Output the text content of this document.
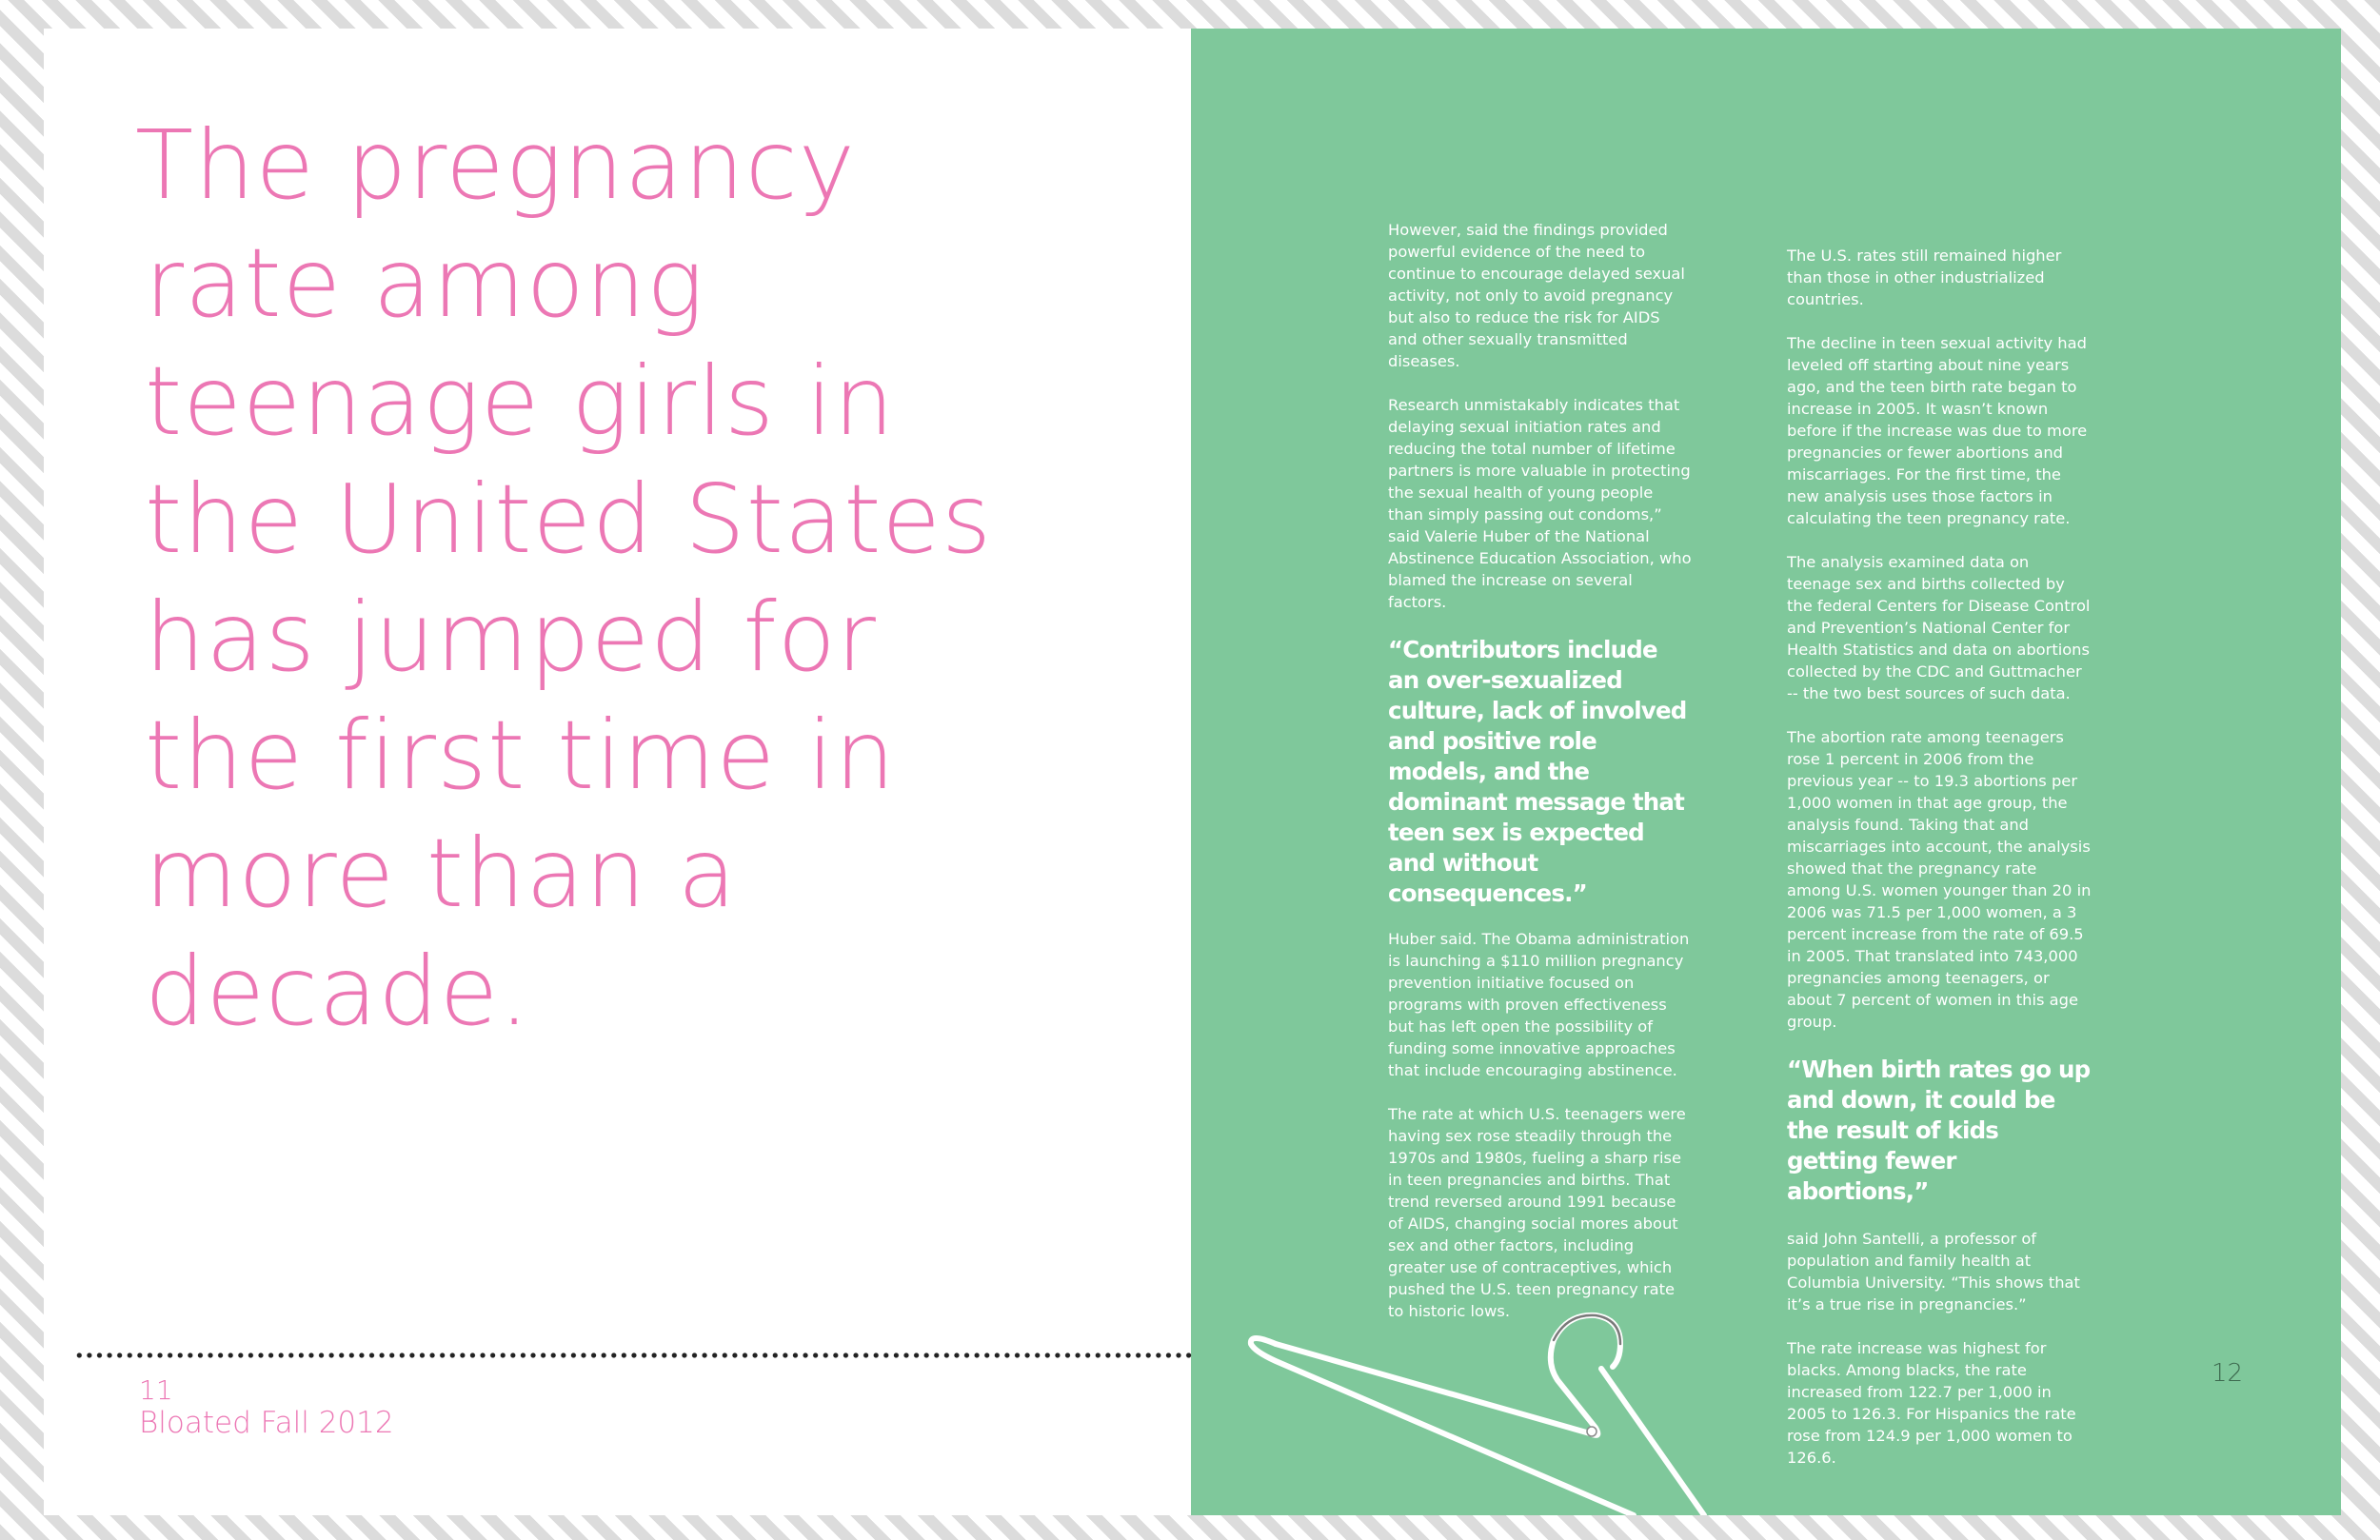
The pregnancy
rate among
teenage girls in
the United States
has jumped for
the first time in
more than a
decade.
11
Bloated Fall 2012

However, said the findings provided powerful evidence of the need to continue to encourage delayed sexual activity, not only to avoid pregnancy but also to reduce the risk for AIDS and other sexually transmitted diseases.

Research unmistakably indicates that delaying sexual initiation rates and reducing the total number of lifetime partners is more valuable in protecting the sexual health of young people than simply passing out condoms,” said Valerie Huber of the National Abstinence Education Association, who blamed the increase on several factors.

“Contributors include an over-sexualized culture, lack of involved and positive role models, and the dominant message that teen sex is expected and without consequences.”

Huber said. The Obama administration is launching a $110 million pregnancy prevention initiative focused on programs with proven effectiveness but has left open the possibility of funding some innovative approaches that include encouraging abstinence.

The rate at which U.S. teenagers were having sex rose steadily through the 1970s and 1980s, fueling a sharp rise in teen pregnancies and births. That trend reversed around 1991 because of AIDS, changing social mores about sex and other factors, including greater use of contraceptives, which pushed the U.S. teen pregnancy rate to historic lows.

The U.S. rates still remained higher than those in other industrialized countries.

The decline in teen sexual activity had leveled off starting about nine years ago, and the teen birth rate began to increase in 2005. It wasn’t known before if the increase was due to more pregnancies or fewer abortions and miscarriages. For the first time, the new analysis uses those factors in calculating the teen pregnancy rate.

The analysis examined data on teenage sex and births collected by the federal Centers for Disease Control and Prevention’s National Center for Health Statistics and data on abortions collected by the CDC and Guttmacher -- the two best sources of such data.

The abortion rate among teenagers rose 1 percent in 2006 from the previous year -- to 19.3 abortions per 1,000 women in that age group, the analysis found. Taking that and miscarriages into account, the analysis showed that the pregnancy rate among U.S. women younger than 20 in 2006 was 71.5 per 1,000 women, a 3 percent increase from the rate of 69.5 in 2005. That translated into 743,000 pregnancies among teenagers, or about 7 percent of women in this age group.

“When birth rates go up and down, it could be the result of kids getting fewer abortions,”

said John Santelli, a professor of population and family health at Columbia University. “This shows that it’s a true rise in pregnancies.”

The rate increase was highest for blacks. Among blacks, the rate increased from 122.7 per 1,000 in 2005 to 126.3. For Hispanics the rate rose from 124.9 per 1,000 women to 126.6.

12
